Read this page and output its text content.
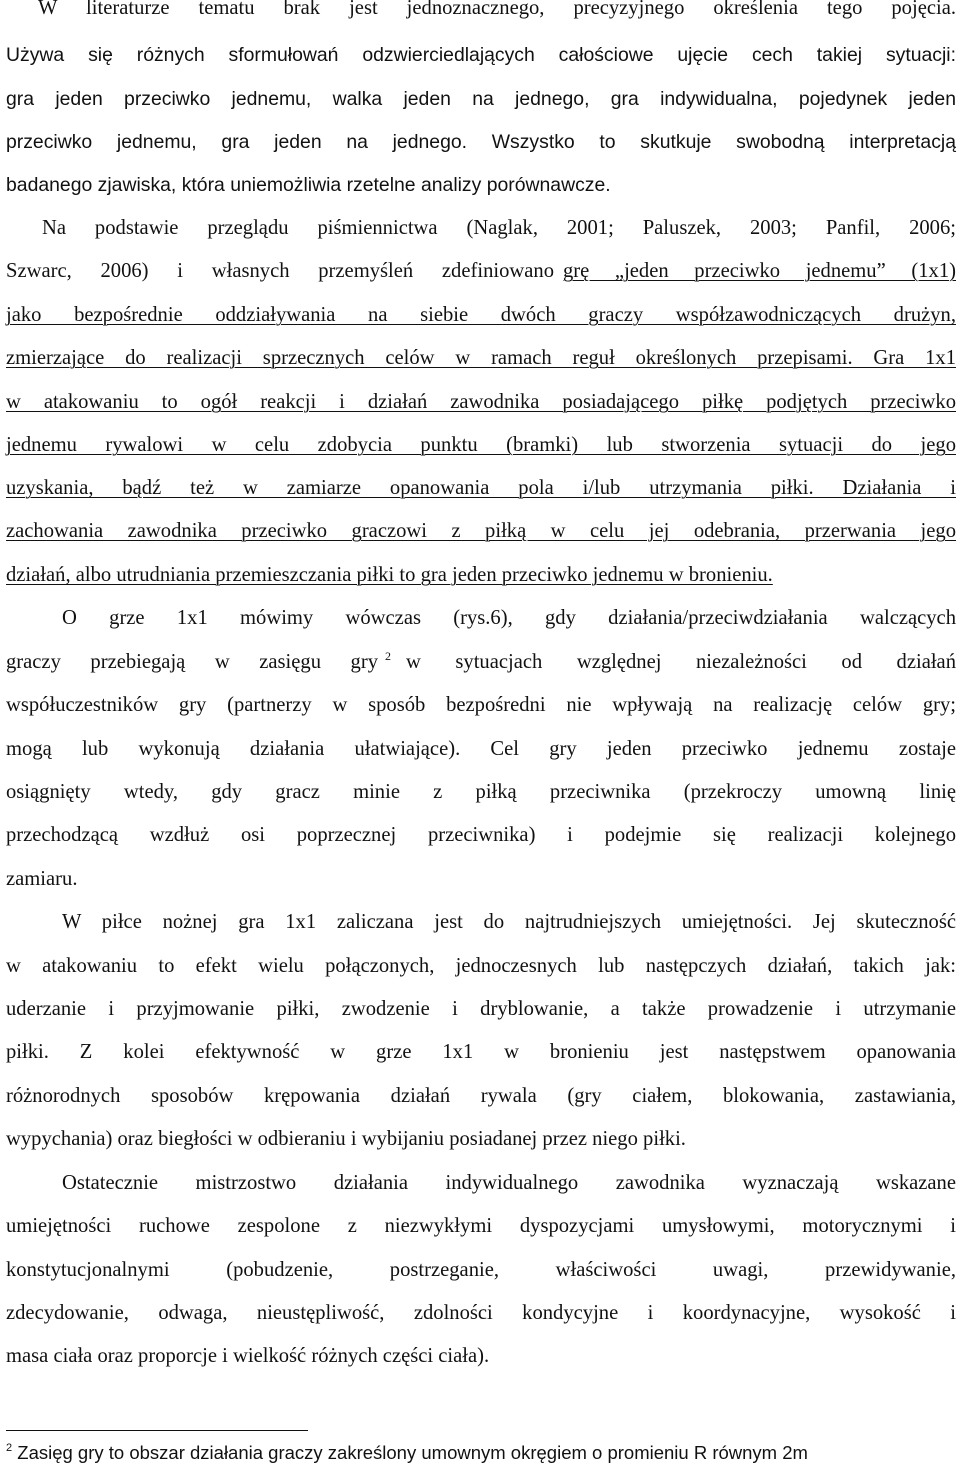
W literaturze tematu brak jest jednoznacznego, precyzyjnego określenia tego pojęcia.
Używa się różnych sformułowań odzwierciedlających całościowe ujęcie cech takiej sytuacji:
gra jeden przeciwko jednemu, walka jeden na jednego, gra indywidualna, pojedynek jeden
przeciwko jednemu, gra jeden na jednego. Wszystko to skutkuje swobodną interpretacją
badanego zjawiska, która uniemożliwia rzetelne analizy porównawcze.
Na podstawie przeglądu piśmiennictwa (Naglak, 2001; Paluszek, 2003; Panfil, 2006;
Szwarc, 2006) i własnych przemyśleń zdefiniowano grę „jeden przeciwko jednemu” (1x1)
jako bezpośrednie oddziaływania na siebie dwóch graczy współzawodniczących drużyn,
zmierzające do realizacji sprzecznych celów w ramach reguł określonych przepisami. Gra 1x1
w atakowaniu to ogół reakcji i działań zawodnika posiadającego piłkę podjętych przeciwko
jednemu rywalowi w celu zdobycia punktu (bramki) lub stworzenia sytuacji do jego
uzyskania, bądź też w zamiarze opanowania pola i/lub utrzymania piłki. Działania i
zachowania zawodnika przeciwko graczowi z piłką w celu jej odebrania, przerwania jego
działań, albo utrudniania przemieszczania piłki to gra jeden przeciwko jednemu w bronieniu.
O grze 1x1 mówimy wówczas (rys.6), gdy działania/przeciwdziałania walczących
graczy przebiegają w zasięgu gry 2 w sytuacjach względnej niezależności od działań
współuczestników gry (partnerzy w sposób bezpośredni nie wpływają na realizację celów gry;
mogą lub wykonują działania ułatwiające). Cel gry jeden przeciwko jednemu zostaje
osiągnięty wtedy, gdy gracz minie z piłką przeciwnika (przekroczy umowną linię
przechodzącą wzdłuż osi poprzecznej przeciwnika) i podejmie się realizacji kolejnego
zamiaru.
W piłce nożnej gra 1x1 zaliczana jest do najtrudniejszych umiejętności. Jej skuteczność
w atakowaniu to efekt wielu połączonych, jednoczesnych lub następczych działań, takich jak:
uderzanie i przyjmowanie piłki, zwodzenie i dryblowanie, a także prowadzenie i utrzymanie
piłki. Z kolei efektywność w grze 1x1 w bronieniu jest następstwem opanowania
różnorodnych sposobów krępowania działań rywala (gry ciałem, blokowania, zastawiania,
wypychania) oraz biegłości w odbieraniu i wybijaniu posiadanej przez niego piłki.
Ostatecznie mistrzostwo działania indywidualnego zawodnika wyznaczają wskazane
umiejętności ruchowe zespolone z niezwykłymi dyspozycjami umysłowymi, motorycznymi i
konstytucjonalnymi (pobudzenie, postrzeganie, właściwości uwagi, przewidywanie,
zdecydowanie, odwaga, nieustępliwość, zdolności kondycyjne i koordynacyjne, wysokość i
masa ciała oraz proporcje i wielkość różnych części ciała).
$^2$ Zasięg gry to obszar działania graczy zakreślony umownym okręgiem o promieniu R równym 2m
